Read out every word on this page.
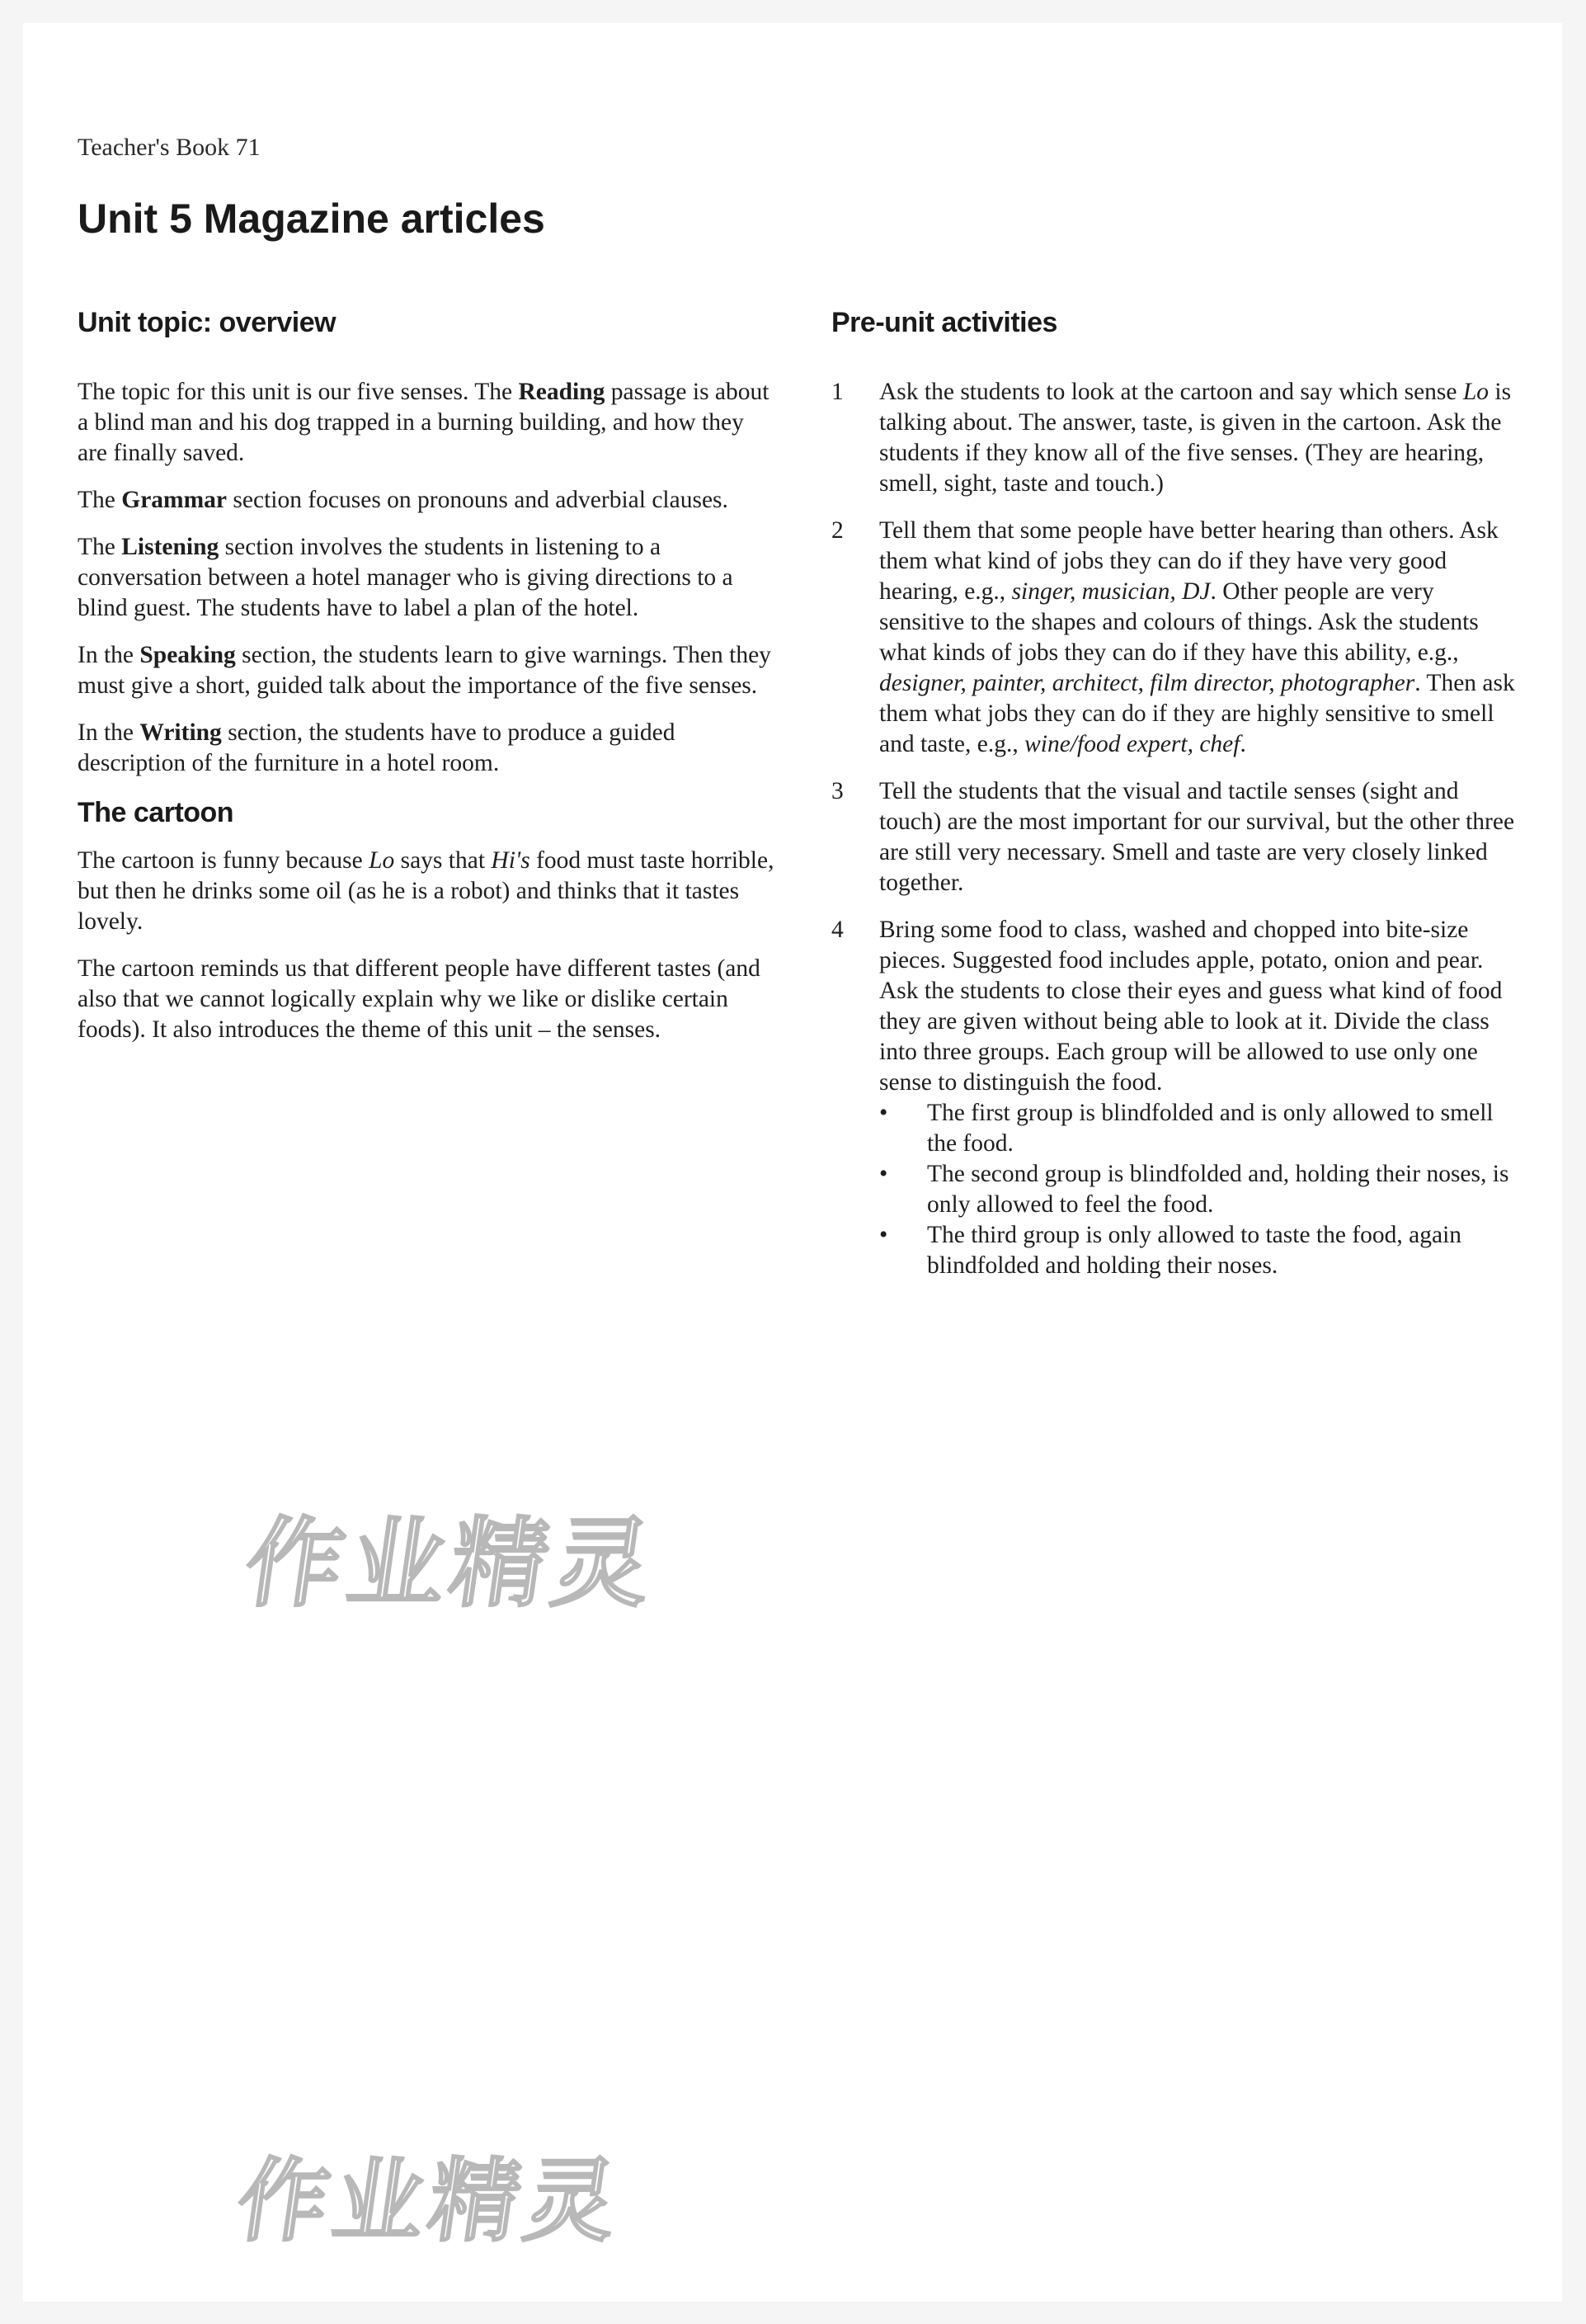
Teacher's Book 71
Unit 5 Magazine articles
Unit topic: overview

The topic for this unit is our five senses. The Reading passage is about a blind man and his dog trapped in a burning building, and how they are finally saved.

The Grammar section focuses on pronouns and adverbial clauses.

The Listening section involves the students in listening to a conversation between a hotel manager who is giving directions to a blind guest. The students have to label a plan of the hotel.

In the Speaking section, the students learn to give warnings. Then they must give a short, guided talk about the importance of the five senses.

In the Writing section, the students have to produce a guided description of the furniture in a hotel room.

The cartoon

The cartoon is funny because Lo says that Hi's food must taste horrible, but then he drinks some oil (as he is a robot) and thinks that it tastes lovely.

The cartoon reminds us that different people have different tastes (and also that we cannot logically explain why we like or dislike certain foods). It also introduces the theme of this unit – the senses.

Pre-unit activities
1 Ask the students to look at the cartoon and say which sense Lo is talking about. The answer, taste, is given in the cartoon. Ask the students if they know all of the five senses. (They are hearing, smell, sight, taste and touch.)

2 Tell them that some people have better hearing than others. Ask them what kind of jobs they can do if they have very good hearing, e.g., singer, musician, DJ. Other people are very sensitive to the shapes and colours of things. Ask the students what kinds of jobs they can do if they have this ability, e.g., designer, painter, architect, film director, photographer. Then ask them what jobs they can do if they are highly sensitive to smell and taste, e.g., wine/food expert, chef.

3 Tell the students that the visual and tactile senses (sight and touch) are the most important for our survival, but the other three are still very necessary. Smell and taste are very closely linked together.

4 Bring some food to class, washed and chopped into bite-size pieces. Suggested food includes apple, potato, onion and pear. Ask the students to close their eyes and guess what kind of food they are given without being able to look at it. Divide the class into three groups. Each group will be allowed to use only one sense to distinguish the food.

• The first group is blindfolded and is only allowed to smell the food.
• The second group is blindfolded and, holding their noses, is only allowed to feel the food.
• The third group is only allowed to taste the food, again blindfolded and holding their noses.
作业精灵
作业精灵
